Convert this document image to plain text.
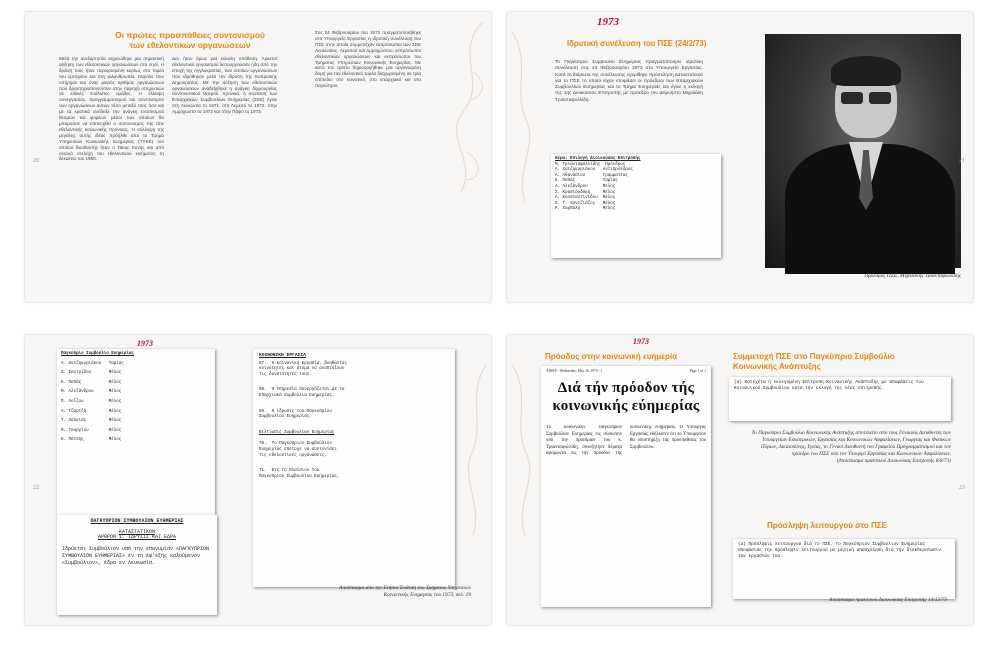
Οι πρώτες προσπάθειες συντονισμού
των εθελοντικών οργανώσεων
Μετά την ανεξαρτησία σημειώθηκε μια σημαντική αύξηση των εθελοντικών οργανώσεων στο νησί. Η δράση τους ήταν περιορισμένη κυρίως στο τομέα του εμπορίου και στη φιλανθρωπία, παρόλο που υπήρχαν και ένας μικρός αριθμός οργανώσεων που δραστηριοποιούνταν στην παροχή υπηρεσιών σε ειδικές ευάλωτες ομάδες. Η έλλειψη συνεργασίας, προγραμματισμού και συντονισμού των οργανώσεων αυτών τόσο μεταξύ τους όσο και με τα κρατικά ανέδειξε την ανάγκη εντοπισμού θεσμών και φορέων μέσω των οποίων θα μπορούσε να επιτευχθεί ο συντονισμός της τότε εθελοντικής κοινωνικής πρόνοιας. Η σύλληψη της μεγάλης αυτής ιδέας προήλθε από το Τμήμα Υπηρεσιών Κοινωνικής Ευημερίας (ΤΥΚΕ) του οποίου διευθυντής ήταν ο Τάκης Κονής και από ενεργά στελέχη του εθελοντικού κινήματος τη δεκαετία του 1960.
Δεν ήταν όμως μια εύκολη υπόθεση. Αρκετοί εθελοντικοί οργανισμοί λειτουργούσαν ήδη από την εποχή της Αγγλοκρατίας, των οποίων οργανώσεων που ιδρύθηκαν μετά την ίδρυση της Κυπριακής Δημοκρατίας. Με την αύξηση των εθελοντικών οργανώσεων αναδείχθηκε η ανάγκη δημιουργίας συντονιστικού θεσμού. Χρονικά, η σύσταση των Επαρχιακών Συμβουλίων Ευημερίας (ΣΕΕ) έγινε στη Λευκωσία το 1971, στη Λεμεσό το 1972, στην Αμμόχωστο το 1972 και στην Πάφο το 1973.
Στις 24 Φεβρουαρίου του 1973 πραγματοποιήθηκε στο Υπουργείο Εργασίας η ιδρυτική συνέλευση του ΠΣΕ στην οποία συμμετείχαν εκπρόσωποι των ΣΕΕ Λευκωσίας, Λεμεσού και Αμμοχώστου, εκπρόσωποι εθελοντικών οργανώσεων και εκπρόσωποι του Τμήματος Υπηρεσιών Κοινωνικής Ευημερίας. Με αυτό τον τρόπο δημιουργήθηκε μια οργανωμένη δομή για τον εθελοντικό τομέα διαχωρισμένη σε τρία επίπεδα: στο κοινοτικό, στο επαρχιακό και στο παγκύπριο.
20
1973
Ιδρυτική συνέλευση του ΠΣΕ (24/2/73)
Το Παγκύπριο Συμβούλιο Ευημερίας πραγματοποίησε ιδρυτική συνέλευση στις 24 Φεβρουαρίου 1973 στο Υπουργείο Εργασίας. Κατά τη διάρκεια της συνέλευσης εγκρίθηκε πρόσκληση καταστατικού για το ΠΣΕ το οποίο είχαν ετοιμάσει οι πρόεδροι των Επαρχιακών Συμβουλίων Ευημερίας και το Τμήμα Ευημερίας και έγινε η εκλογή της 1ης Διοικούσας Επιτροπής με πρόεδρο τον αείμνηστο Μιχαλάκη Τριανταφυλλίδη.
Θέμα: Επιλογή Διοικούσας Επιτροπής
Μ. Τριανταφυλλίδης  Πρόεδρος
Α. Χατζηκυριάκου   Αντιπρόεδρος
Α. Αθανασίου       Γραμματέας
Κ. Παπάς           Ταμίας
Α. Αλεξάνδρου      Μέλος
Σ. Κρασιουδάκη     Μέλος
Α. Κωνσταντινίδου  Μέλος
Σ. Γ. Χαντζιάζος   Μέλος
Ρ. Χαρπάλη         Μέλος
Πρόεδρος ΠΣΕ, Μιχαλάκης Τριανταφυλλίδης
21
1973
Παγκύπριο Συμβούλιο Ευημερίας
Α. Χατζηκυριάκου   Ταμίας
Δ. Σαντρίδου       Μέλος
Κ. Παπάς           Μέλος
Μ. Αλεξάνδρου      Μέλος
Π. Λοΐζου          Μέλος
Α. Τζωρτζή         Μέλος
Τ. Χαλκιάς         Μέλος
Θ. Γεωργίου        Μέλος
Κ. Πάτσης          Μέλος
ΠΑΓΚΥΠΡΙΟΝ ΣΥΜΒΟΥΛΙΟΝ ΕΥΗΜΕΡΙΑΣ
ΚΑΤΑΣΤΑΤΙΚΟΝ
ΑΡΘΡΟΝ 1. ΙΔΡΥΣΙΣ ΚΑΙ ΕΔΡΑ
Ιδρύεται Συμβούλιον υπό την επωνυμίαν «ΠΑΓΚΥΠΡΙΟΝ ΣΥΜΒΟΥΛΙΟΝ ΕΥΗΜΕΡΙΑΣ» έν τη έφ'εξής καλούμενον «Συμβούλιον», έδρα εν Λευκωσία.
ΚΟΙΝΩΝΙΚΗ ΕΡΓΑΣΙΑ
67.  Η κοινωνική Εργασία, βοηθώντας
κοινότητες και άτομα να αναπτύξουν
τις δυνατότητές τους.
68.  Η Υπηρεσία συνεργάζεται με τα
Επαρχιακά Συμβούλια Ευημερίας.
69.  Η ίδρυσις του Παγκυπρίου
Συμβουλίου Ευημερίας.
Βελτίωσις Συμβουλίων Ευημερίας
70.  Το Παγκύπριον Συμβούλιον
Ευημερίας επέτυχε να συντονίσει
τις εθελοντικές οργανώσεις.
71.  Εις το πλαίσιον του
Παγκυπρίου Συμβουλίου Ευημερίας.
Απόσπασμα από την Ετήσια Έκθεση του Τμήματος Υπηρεσιών
Κοινωνικής Ευημερίας του 1973, σελ. 19
22
1973
Πρόοδος στην κοινωνική ευημερία
ΑΙΘΕΡ - Wednesday, May 16, 1973 - 1	Page 1 of 1
Διά τήν πρόοδον τής
κοινωνικής εύημερίας
Το κοινωνικόν Παγκύπριον Συμβούλιον Ευημερίας εις σύσκεψιν υπό την προεδρίαν του κ. Τριανταφυλλίδη, συνεζήτησε θέματα αφορώντα εις την πρόοδον της κοινωνικής ευημερίας. Ο Υπουργός Εργασίας εδήλωσεν ότι το Υπουργείον θα υποστηρίξη τας προσπαθείας του Συμβουλίου.
Συμμετοχή ΠΣΕ στο Παγκύπριο Συμβούλιο
Κοινωνικής Ανάπτυξης
(α) Κατεχέτω ή εκλεγομένη Επιτροπή Κοινωνικής Ανάπτυξης με αποφάσεις του Κοινωνικού Συμβουλίου κατά την εκλογή της νέας επιτροπής.
Το Παγκύπριο Συμβούλιο Κοινωνικής Ανάπτυξης αποτελείτο από τους Γενικούς Διευθυντές των Υπουργείων Εσωτερικών, Εργασίας και Κοινωνικών Ασφαλίσεων, Γεωργίας και Φυσικών Πόρων, Δικαιοσύνης, Υγείας, το Γενικό Διευθυντή του Γραφείου Προγραμματισμού και τον πρόεδρο του ΠΣΕ υπό τον Υπουργό Εργασίας και Κοινωνικών Ασφαλίσεων.
(Απόσπασμα πρακτικού Διοικούσας Επιτροπής 8/8/73)
Πρόσληψη λειτουργού στο ΠΣΕ
(α) Πρόσληψις λειτουργού διά το ΠΣΕ. Το Παγκύπριον Συμβούλιον Ευημερίας αποφάσισε την πρόσληψιν λειτουργού με μερική απασχόληση διά την διεκπεραίωσιν των εργασιών του.
Απόσπασμα πρακτικού Διοικούσας Επιτροπής 14/12/73
23
